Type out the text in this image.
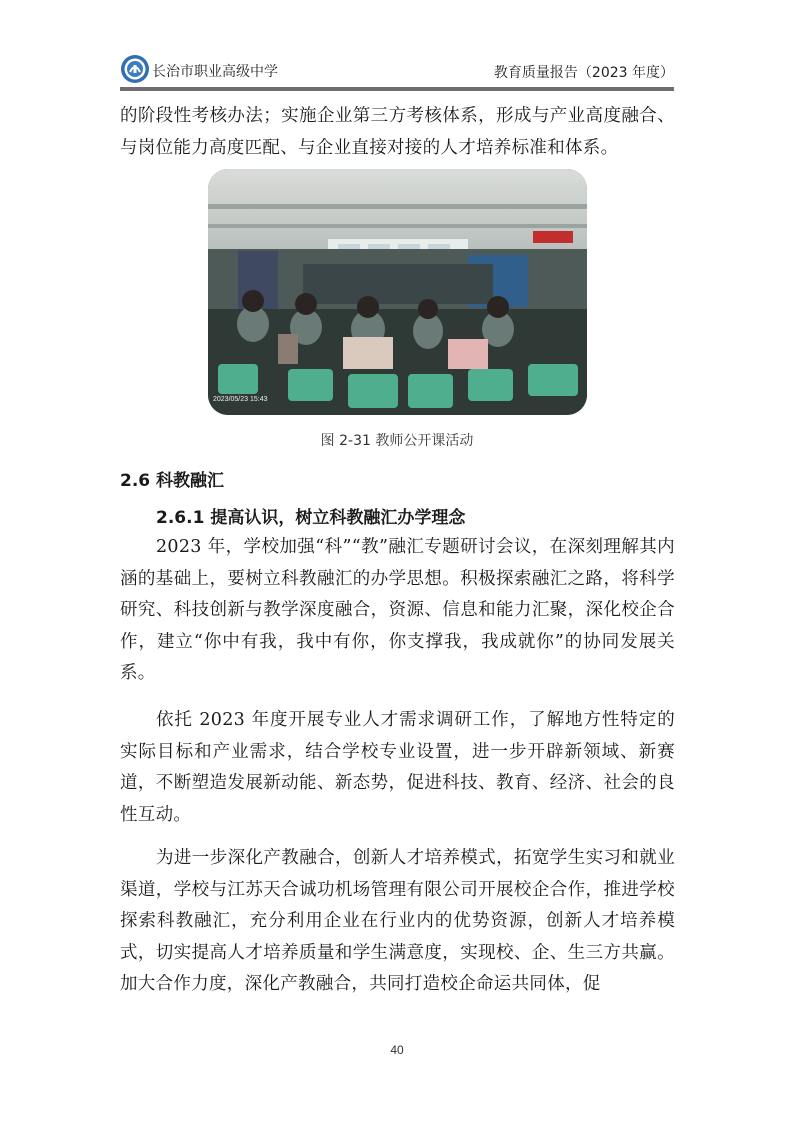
长治市职业高级中学	教育质量报告（2023 年度）

的阶段性考核办法；实施企业第三方考核体系，形成与产业高度融合、与岗位能力高度匹配、与企业直接对接的人才培养标准和体系。

2023/05/23 15:43
图 2-31 教师公开课活动
2.6 科教融汇
2.6.1 提高认识，树立科教融汇办学理念

2023 年，学校加强“科”“教”融汇专题研讨会议，在深刻理解其内涵的基础上，要树立科教融汇的办学思想。积极探索融汇之路，将科学研究、科技创新与教学深度融合，资源、信息和能力汇聚，深化校企合作，建立“你中有我，我中有你，你支撑我，我成就你”的协同发展关系。

依托 2023 年度开展专业人才需求调研工作，了解地方性特定的实际目标和产业需求，结合学校专业设置，进一步开辟新领域、新赛道，不断塑造发展新动能、新态势，促进科技、教育、经济、社会的良性互动。

为进一步深化产教融合，创新人才培养模式，拓宽学生实习和就业渠道，学校与江苏天合诚功机场管理有限公司开展校企合作，推进学校探索科教融汇，充分利用企业在行业内的优势资源，创新人才培养模式，切实提高人才培养质量和学生满意度，实现校、企、生三方共赢。加大合作力度，深化产教融合，共同打造校企命运共同体，促

40
